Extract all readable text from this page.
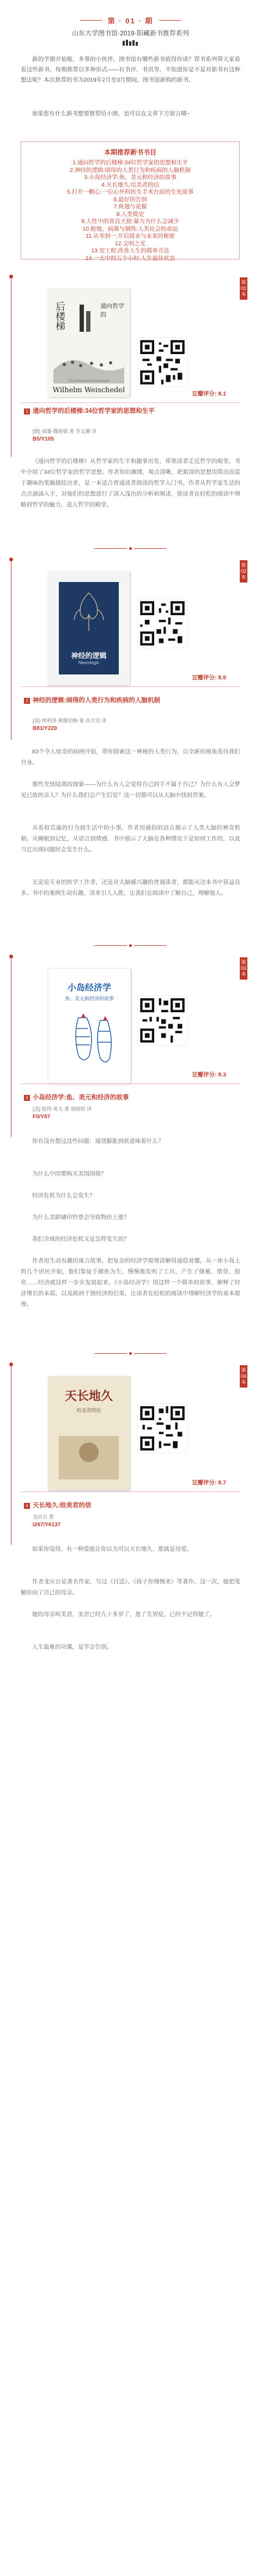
第 · 01 · 期
山东大学图书馆·2019·阳藏新书推荐系列

新的学期开始啦，多事的小伙伴，图书馆有哪些新书值得你读？荐书系列带大家看看这些新书，每期推荐以多种形式——有书评、书讯等，不知道你是不是对新书有这种想法呢？本次推荐的书为2019年2月至3月期间，图书馆新购的新书。

如果您有什么新书想要推荐给小图，也可以在文章下方留言哦~

本期推荐新书书目
1.通向哲学的后楼梯:34位哲学家的思想和生平
2.神经的逻辑:闹得的人类行为和疾病的人脑机制
3.小岛经济学:鱼、美元和经济的故事
4.天长地久:给美君的信
5.打开一颗心:一位心外科医生手术台前的生死故事
6.最好的告别
7.鱼翅与花椒
8.人类简史
9.人性中的善良天使:暴力为什么会减少
10.枪炮、病菌与钢铁:人类社会的命运
11.从零到一:开启商业与未来的秘密
12.文明之光
13.安工程:改善人生的简单方法
14.一天中的五个小时:人生最佳状态
第
01
本
后楼梯	通向哲学的
Wilhelm Weischedel
The philosophical Backstairs
豆瓣评分: 8.1
1 通向哲学的后楼梯:34位哲学家的思想和生平
[德] 威廉·魏施德 著 李文潮 译
B5/Y105

《通向哲学的后楼梯》从哲学家的生平和趣事出发，带领读者走近哲学的殿堂。书中介绍了34位哲学家的哲学思想。作者知识渊博，观点清晰，把艰深的思想用简洁而富于趣味的笔触描绘出来，是一本适合普通读者阅读的哲学入门书。作者从哲学家生活的点点滴滴入手，对他们的思想进行了深入浅出的分析和阐述，使读者在轻松的阅读中领略到哲学的魅力，进入哲学的殿堂。

第
02
本
神经的逻辑
Neurologic
豆瓣评分: 8.9
2 神经的逻辑:闹得的人类行为和疾病的人脑机制
[美] 埃利泽·斯滕伯格 著 高天羽 译
B81/Y220

83个令人惊奇的病例开始，带你探索这一神秘的人类行为，以全新的视角看待我们自身。

那些光怪陆离的现象——为什么有人会觉得自己的手不属于自己？为什么有人会梦见已故的亲人？为什么我们会产生幻觉？这一切都可以从大脑中找到答案。

从看似荒诞的行为到生活中的小事，作者用通俗的语言揭示了人类大脑的神奇机制。从睡眠到记忆，从语言到情感，书中展示了大脑在各种情况下是如何工作的，以及当它出现问题时会发生什么。

无论是专业的医学工作者，还是对大脑感兴趣的普通读者，都能从这本书中获益良多。书中的案例生动有趣，读来引人入胜，让我们在阅读中了解自己，理解他人。

第
03
本
小岛经济学
鱼、美元和经济的故事
豆瓣评分: 8.3
3 小岛经济学:鱼、美元和经济的故事
[美] 彼得·希夫 著 胡晓姣 译
F0/Y87

你有没有想过这些问题：通货膨胀到底意味着什么？

为什么中国要购买美国国债？

经济危机为什么会发生？

为什么美联储印钞票会导致物价上涨？

我们全球的经济危机又是怎样发生的？

作者用生动有趣的寓言故事，把复杂的经济学原理讲解得通俗易懂。从一座小岛上的几个居民开始，他们靠徒手捕鱼为生，慢慢地发明了工具，产生了储蓄、借贷、投资……经济就这样一步步发展起来。《小岛经济学》用这样一个简单的故事，解释了经济增长的本质，以及政府干预经济的后果，让读者在轻松的阅读中理解经济学的基本原理。

第
04
本
天长地久
给美君的信
豆瓣评分: 8.7
4 天长地久:给美君的信
龙应台 著
I267/Y6137

如果你觉得，有一种爱能让你以为可以天长地久，那就是母爱。

作者龙应台是著名作家，写过《目送》、《孩子你慢慢来》等著作。这一次，她把笔触转向了自己的母亲。

她的母亲叫美君，美君已经九十多岁了，患了失智症，已经不记得她了。

人生最难的功课，是学会告别。
